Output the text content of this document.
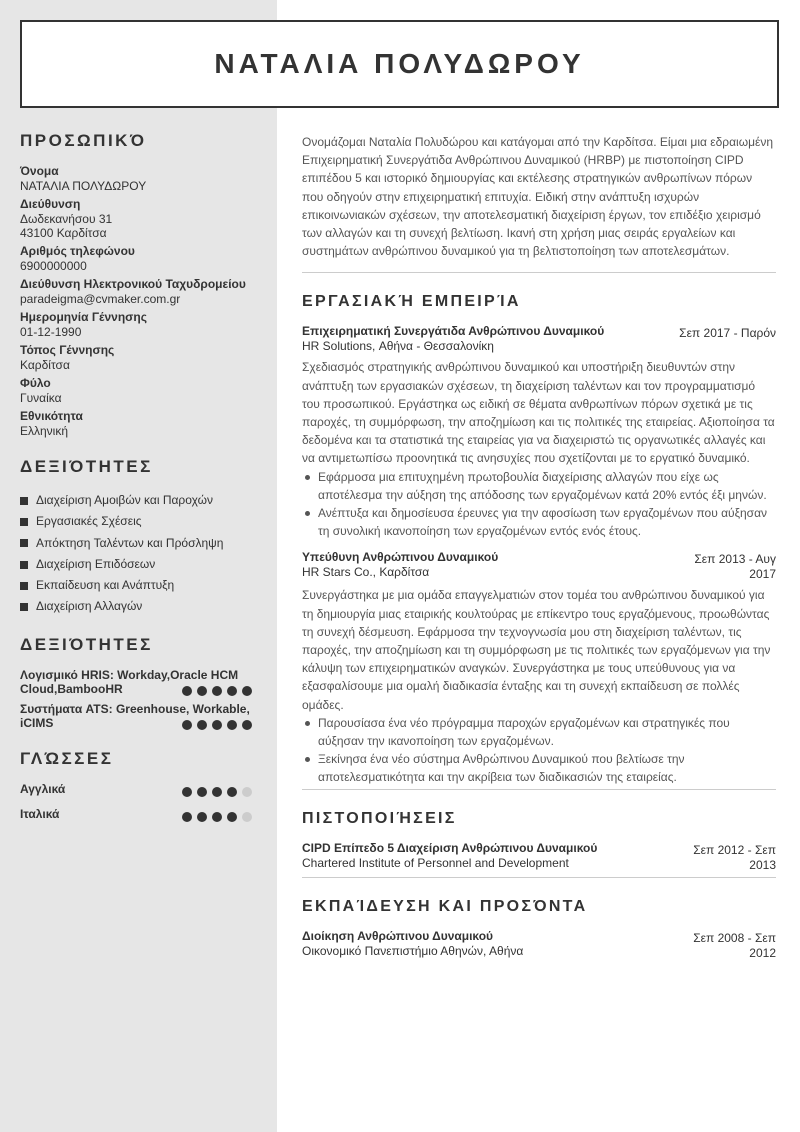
ΝΑΤΑΛΙΑ ΠΟΛΥΔΩΡΟΥ
ΠΡΟΣΩΠΙΚΌ
Όνομα
ΝΑΤΑΛΙΑ ΠΟΛΥΔΩΡΟΥ
Διεύθυνση
Δωδεκανήσου 31
43100 Καρδίτσα
Αριθμός τηλεφώνου
6900000000
Διεύθυνση Ηλεκτρονικού Ταχυδρομείου
paradeigma@cvmaker.com.gr
Ημερομηνία Γέννησης
01-12-1990
Τόπος Γέννησης
Καρδίτσα
Φύλο
Γυναίκα
Εθνικότητα
Ελληνική
ΔΕΞΙΌΤΗΤΕΣ
Διαχείριση Αμοιβών και Παροχών
Εργασιακές Σχέσεις
Απόκτηση Ταλέντων και Πρόσληψη
Διαχείριση Επιδόσεων
Εκπαίδευση και Ανάπτυξη
Διαχείριση Αλλαγών
ΔΕΞΙΌΤΗΤΕΣ
Λογισμικό HRIS: Workday,Oracle HCM Cloud,BambooHR
Συστήματα ATS: Greenhouse, Workable, iCIMS
ΓΛΏΣΣΕΣ
Αγγλικά
Ιταλικά

Ονομάζομαι Ναταλία Πολυδώρου και κατάγομαι από την Καρδίτσα. Είμαι μια εδραιωμένη Επιχειρηματική Συνεργάτιδα Ανθρώπινου Δυναμικού (HRBP) με πιστοποίηση CIPD επιπέδου 5 και ιστορικό δημιουργίας και εκτέλεσης στρατηγικών ανθρωπίνων πόρων που οδηγούν στην επιχειρηματική επιτυχία. Ειδική στην ανάπτυξη ισχυρών επικοινωνιακών σχέσεων, την αποτελεσματική διαχείριση έργων, τον επιδέξιο χειρισμό των αλλαγών και τη συνεχή βελτίωση. Ικανή στη χρήση μιας σειράς εργαλείων και συστημάτων ανθρώπινου δυναμικού για τη βελτιστοποίηση των αποτελεσμάτων.

ΕΡΓΑΣΙΑΚΉ ΕΜΠΕΙΡΊΑ
Επιχειρηματική Συνεργάτιδα Ανθρώπινου Δυναμικού
HR Solutions, Αθήνα - Θεσσαλονίκη
Σεπ 2017 - Παρόν

Σχεδιασμός στρατηγικής ανθρώπινου δυναμικού και υποστήριξη διευθυντών στην ανάπτυξη των εργασιακών σχέσεων, τη διαχείριση ταλέντων και τον προγραμματισμό του προσωπικού. Εργάστηκα ως ειδική σε θέματα ανθρωπίνων πόρων σχετικά με τις παροχές, τη συμμόρφωση, την αποζημίωση και τις πολιτικές της εταιρείας. Αξιοποίησα τα δεδομένα και τα στατιστικά της εταιρείας για να διαχειριστώ τις οργανωτικές αλλαγές και να αντιμετωπίσω προονητικά τις ανησυχίες που σχετίζονται με το εργατικό δυναμικό.

Εφάρμοσα μια επιτυχημένη πρωτοβουλία διαχείρισης αλλαγών που είχε ως αποτέλεσμα την αύξηση της απόδοσης των εργαζομένων κατά 20% εντός έξι μηνών.
Ανέπτυξα και δημοσίευσα έρευνες για την αφοσίωση των εργαζομένων που αύξησαν τη συνολική ικανοποίηση των εργαζομένων εντός ενός έτους.
Υπεύθυνη Ανθρώπινου Δυναμικού
HR Stars Co., Καρδίτσα
Σεπ 2013 - Αυγ 2017

Συνεργάστηκα με μια ομάδα επαγγελματιών στον τομέα του ανθρώπινου δυναμικού για τη δημιουργία μιας εταιρικής κουλτούρας με επίκεντρο τους εργαζόμενους, προωθώντας τη συνεχή δέσμευση. Εφάρμοσα την τεχνογνωσία μου στη διαχείριση ταλέντων, τις παροχές, την αποζημίωση και τη συμμόρφωση με τις πολιτικές των εργαζόμενων για την κάλυψη των επιχειρηματικών αναγκών. Συνεργάστηκα με τους υπεύθυνους για να εξασφαλίσουμε μια ομαλή διαδικασία ένταξης και τη συνεχή εκπαίδευση σε πολλές ομάδες.

Παρουσίασα ένα νέο πρόγραμμα παροχών εργαζομένων και στρατηγικές που αύξησαν την ικανοποίηση των εργαζομένων.
Ξεκίνησα ένα νέο σύστημα Ανθρώπινου Δυναμικού που βελτίωσε την αποτελεσματικότητα και την ακρίβεια των διαδικασιών της εταιρείας.
ΠΙΣΤΟΠΟΙΉΣΕΙΣ
CIPD Επίπεδο 5 Διαχείριση Ανθρώπινου Δυναμικού
Chartered Institute of Personnel and Development
Σεπ 2012 - Σεπ 2013
ΕΚΠΑΊΔΕΥΣΗ ΚΑΙ ΠΡΟΣΌΝΤΑ
Διοίκηση Ανθρώπινου Δυναμικού
Οικονομικό Πανεπιστήμιο Αθηνών, Αθήνα
Σεπ 2008 - Σεπ 2012
